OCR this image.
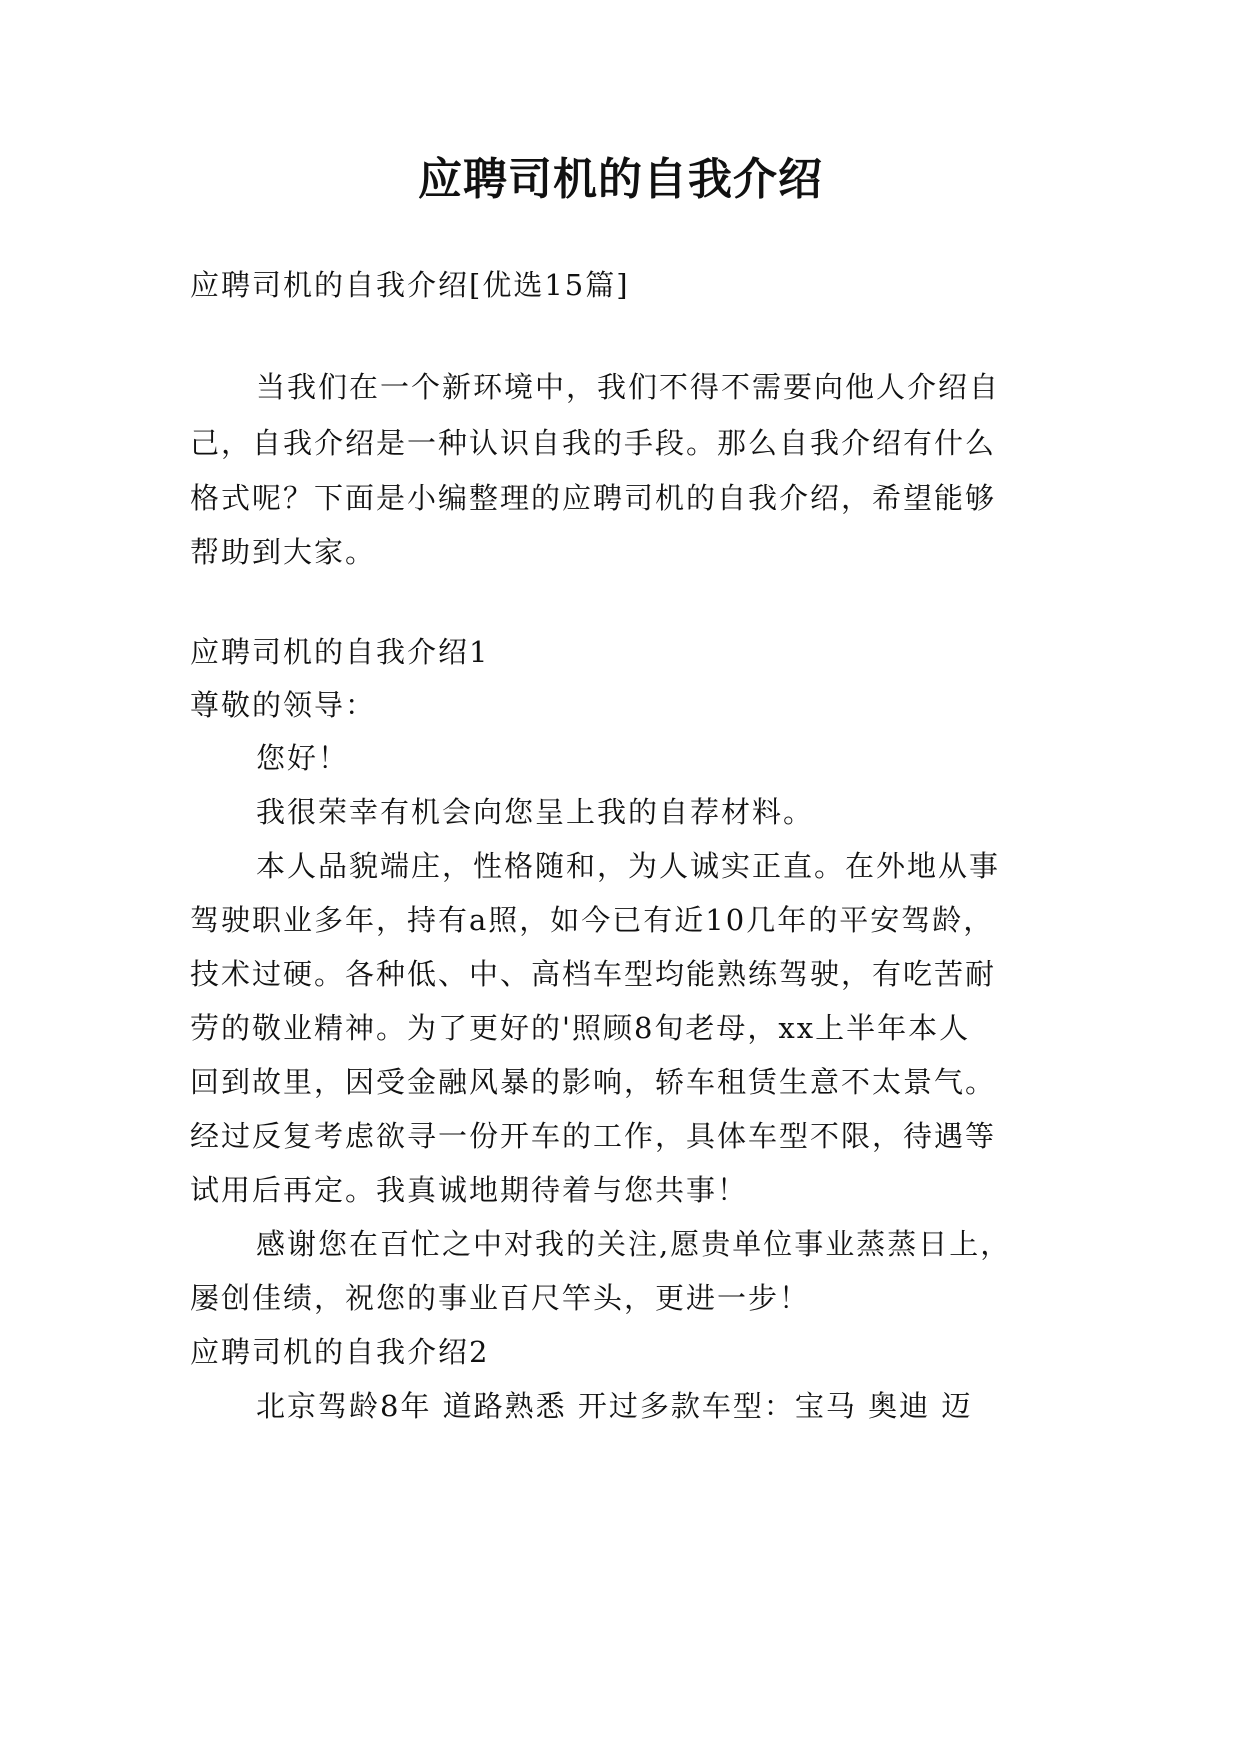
应聘司机的自我介绍
应聘司机的自我介绍[优选15篇]
当我们在一个新环境中，我们不得不需要向他人介绍自
己，自我介绍是一种认识自我的手段。那么自我介绍有什么
格式呢？下面是小编整理的应聘司机的自我介绍，希望能够
帮助到大家。
应聘司机的自我介绍1
尊敬的领导：
您好！
我很荣幸有机会向您呈上我的自荐材料。
本人品貌端庄，性格随和，为人诚实正直。在外地从事
驾驶职业多年，持有a照，如今已有近10几年的平安驾龄，
技术过硬。各种低、中、高档车型均能熟练驾驶，有吃苦耐
劳的敬业精神。为了更好的'照顾8旬老母，xx上半年本人
回到故里，因受金融风暴的影响，轿车租赁生意不太景气。
经过反复考虑欲寻一份开车的工作，具体车型不限，待遇等
试用后再定。我真诚地期待着与您共事！
感谢您在百忙之中对我的关注,愿贵单位事业蒸蒸日上，
屡创佳绩，祝您的事业百尺竿头，更进一步！
应聘司机的自我介绍2
北京驾龄8年 道路熟悉 开过多款车型：宝马 奥迪 迈
